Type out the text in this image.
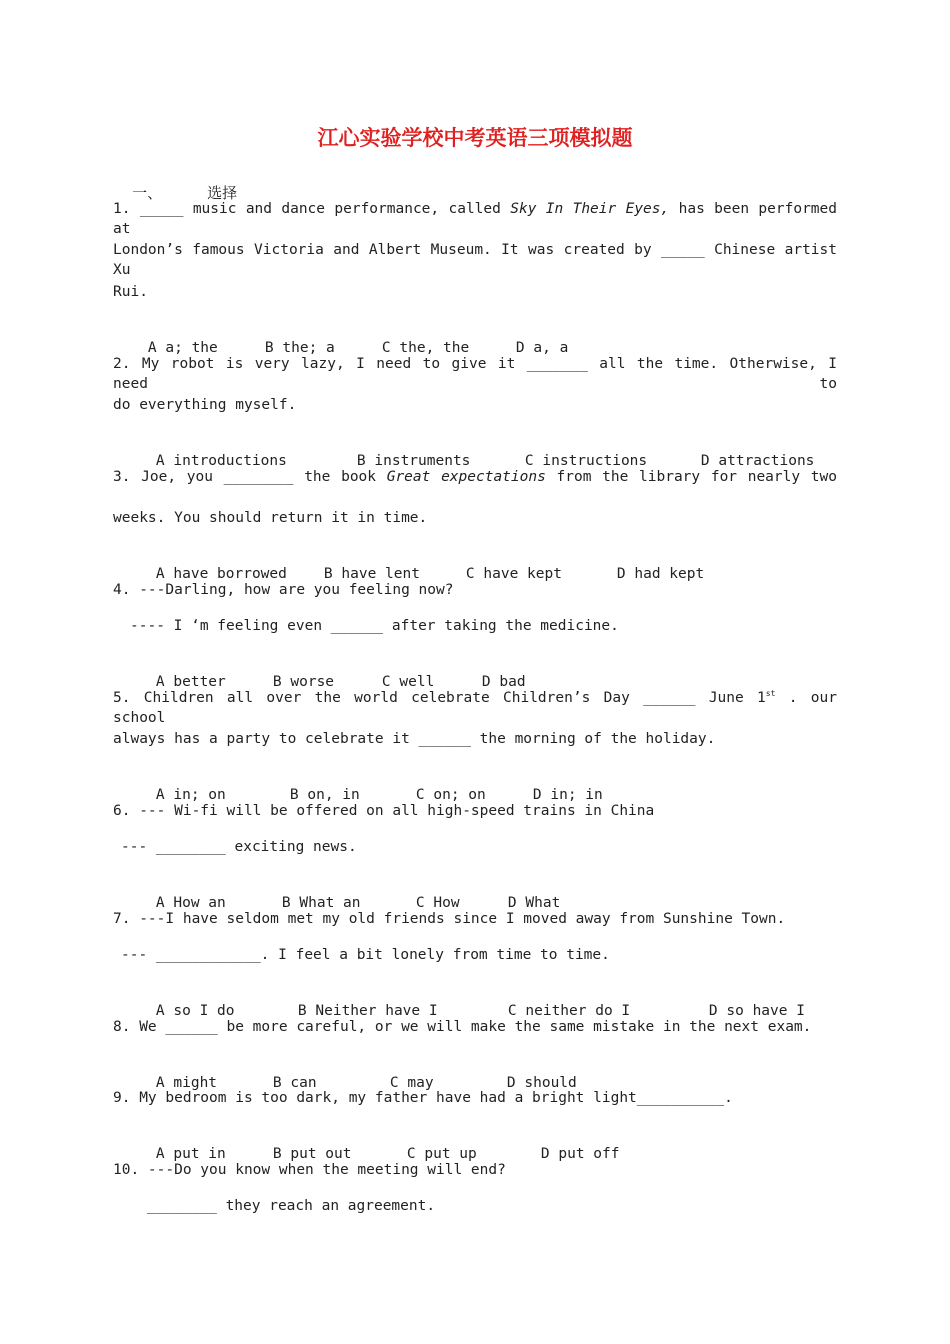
江心实验学校中考英语三项模拟题

一、	选择

1. _____ music and dance performance, called Sky In Their Eyes, has been performed at
London’s famous Victoria and Albert Museum. It was created by _____ Chinese artist Xu
Rui.

A a; the	B the; a	C the, the	D a, a

2. My robot is very lazy, I need to give it _______ all the time. Otherwise, I need to
do everything myself.

A introductions	B instruments	C instructions	D attractions

3. Joe, you ________ the book Great expectations from the library for nearly two
weeks. You should return it in time.

A have borrowed	B have lent	C have kept	D had kept

4. ---Darling, how are you feeling now?
---- I ‘m feeling even ______ after taking the medicine.

A better	B worse	C well	D bad

5. Children all over the world celebrate Children’s Day ______ June 1st . our school
always has a party to celebrate it ______ the morning of the holiday.

A in; on	B on, in	C on; on	D in; in

6. --- Wi-fi will be offered on all high-speed trains in China
--- ________ exciting news.

A How an	B What an	C How	D What

7. ---I have seldom met my old friends since I moved away from Sunshine Town.
--- ____________. I feel a bit lonely from time to time.

A so I do	B Neither have I	C neither do I	D so have I

8. We ______ be more careful, or we will make the same mistake in the next exam.

A might	B can	C may	D should

9. My bedroom is too dark, my father have had a bright light__________.

A put in	B put out	C put up	D put off

10. ---Do you know when the meeting will end?
________ they reach an agreement.
